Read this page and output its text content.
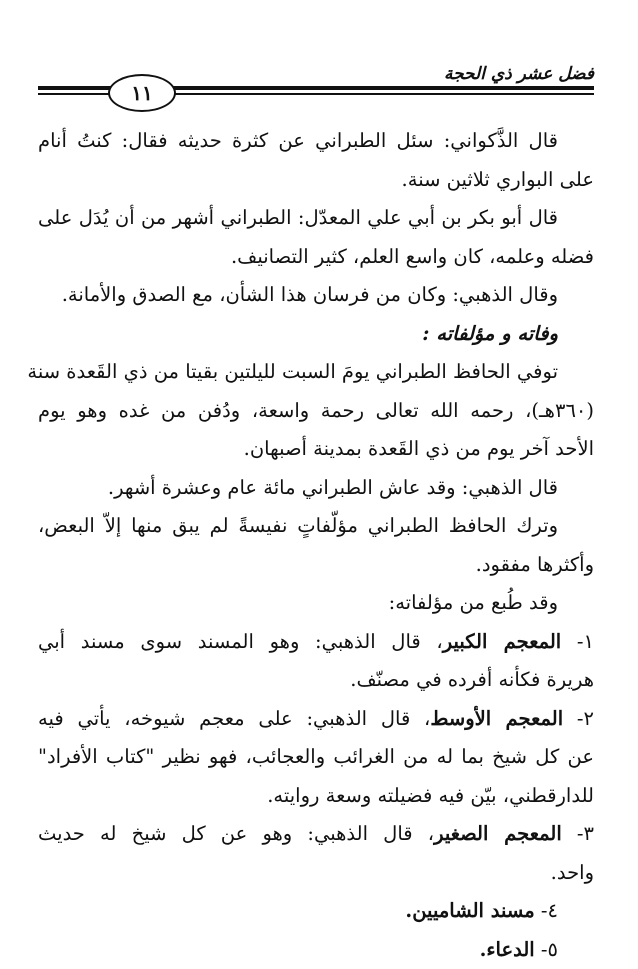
فضل عشر ذي الحجة
١١
قال الذَّكواني: سئل الطبراني عن كثرة حديثه فقال: كنتُ أنام
على البواري ثلاثين سنة.
قال أبو بكر بن أبي علي المعدّل: الطبراني أشهر من أن يُدَل على
فضله وعلمه، كان واسع العلم، كثير التصانيف.
وقال الذهبي: وكان من فرسان هذا الشأن، مع الصدق والأمانة.
وفاته و مؤلفاته :
توفي الحافظ الطبراني يومَ السبت لليلتين بقيتا من ذي القَعدة سنة
(٣٦٠هـ)، رحمه الله تعالى رحمة واسعة، ودُفن من غده وهو يوم
الأحد آخر يوم من ذي القَعدة بمدينة أصبهان.
قال الذهبي: وقد عاش الطبراني مائة عام وعشرة أشهر.
وترك الحافظ الطبراني مؤلّفاتٍ نفيسةً لم يبق منها إلاّ البعض،
وأكثرها مفقود.
وقد طُبع من مؤلفاته:
١- المعجم الكبير، قال الذهبي: وهو المسند سوى مسند أبي
هريرة فكأنه أفرده في مصنّف.
٢- المعجم الأوسط، قال الذهبي: على معجم شيوخه، يأتي فيه
عن كل شيخ بما له من الغرائب والعجائب، فهو نظير "كتاب الأفراد"
للدارقطني، بيّن فيه فضيلته وسعة روايته.
٣- المعجم الصغير، قال الذهبي: وهو عن كل شيخ له حديث
واحد.
٤- مسند الشاميين.
٥- الدعاء.
